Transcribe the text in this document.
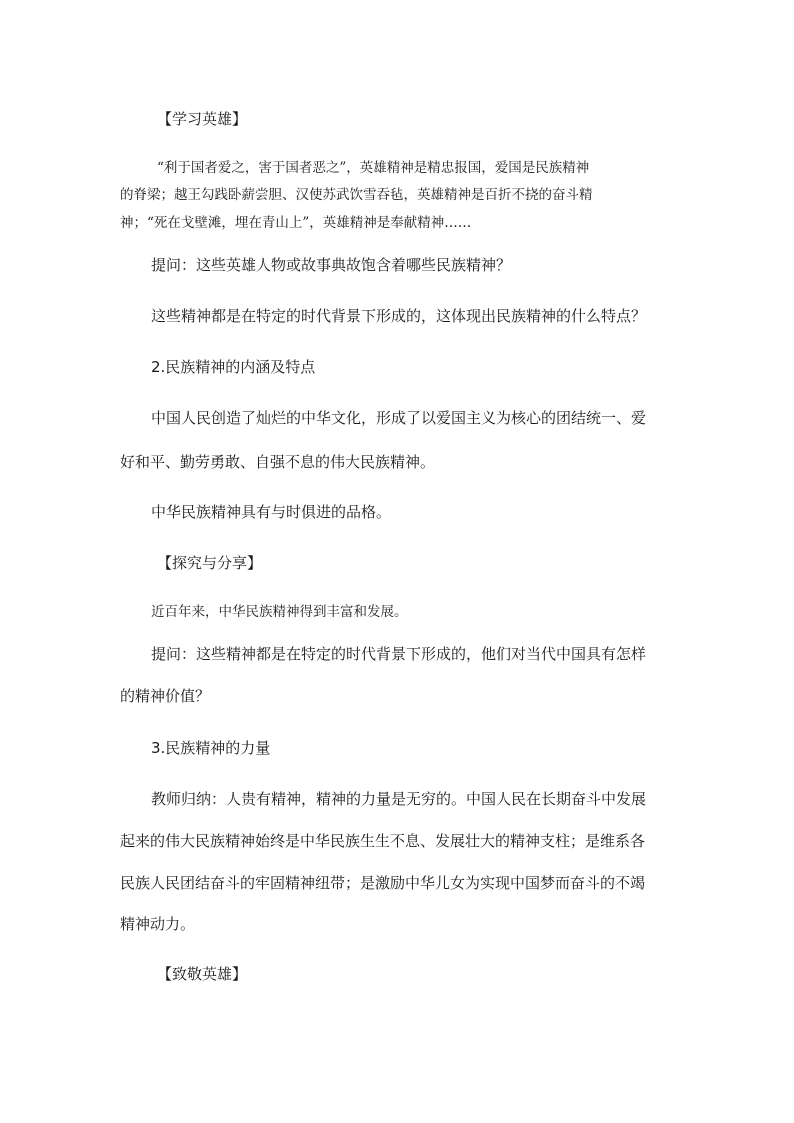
【学习英雄】

“利于国者爱之，害于国者恶之”，英雄精神是精忠报国，爱国是民族精神
的脊梁；越王勾践卧薪尝胆、汉使苏武饮雪吞毡，英雄精神是百折不挠的奋斗精
神；“死在戈壁滩，埋在青山上”，英雄精神是奉献精神……

提问：这些英雄人物或故事典故饱含着哪些民族精神？

这些精神都是在特定的时代背景下形成的，这体现出民族精神的什么特点？

2.民族精神的内涵及特点

中国人民创造了灿烂的中华文化，形成了以爱国主义为核心的团结统一、爱
好和平、勤劳勇敢、自强不息的伟大民族精神。

中华民族精神具有与时俱进的品格。

【探究与分享】

近百年来，中华民族精神得到丰富和发展。

提问：这些精神都是在特定的时代背景下形成的，他们对当代中国具有怎样
的精神价值？

3.民族精神的力量

教师归纳：人贵有精神，精神的力量是无穷的。中国人民在长期奋斗中发展
起来的伟大民族精神始终是中华民族生生不息、发展壮大的精神支柱；是维系各
民族人民团结奋斗的牢固精神纽带；是激励中华儿女为实现中国梦而奋斗的不竭
精神动力。

【致敬英雄】
